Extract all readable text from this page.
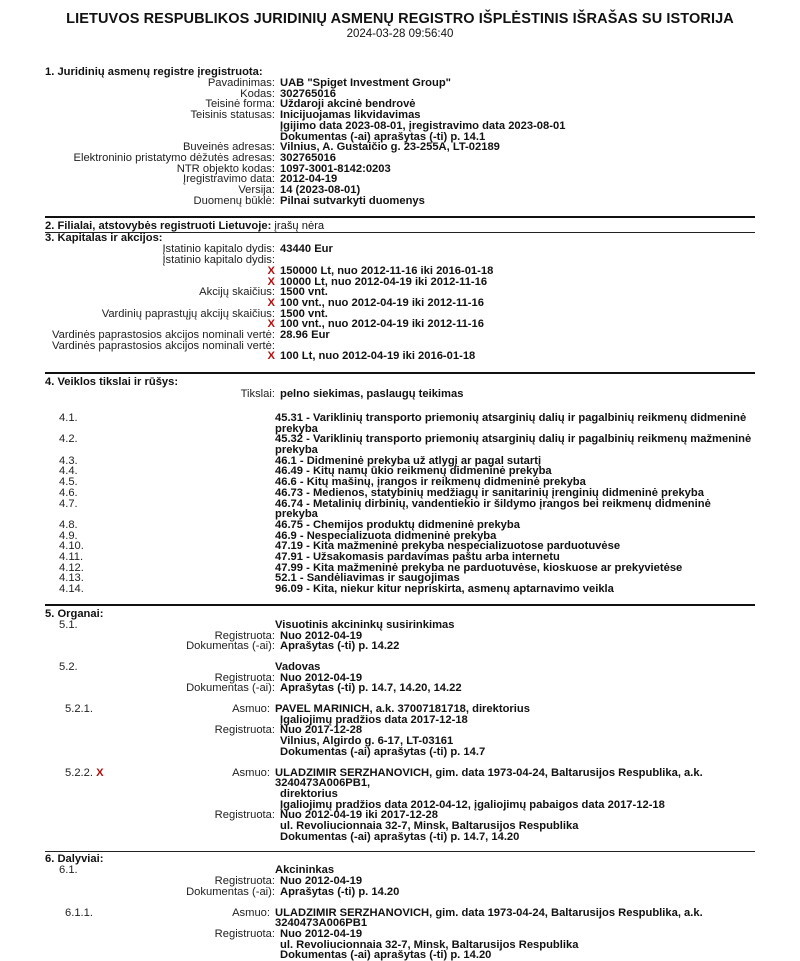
LIETUVOS RESPUBLIKOS JURIDINIŲ ASMENŲ REGISTRO IŠPLĖSTINIS IŠRAŠAS SU ISTORIJA
2024-03-28 09:56:40
1. Juridinių asmenų registre įregistruota:
Pavadinimas: UAB "Spiget Investment Group"
Kodas: 302765016
Teisinė forma: Uždaroji akcinė bendrovė
Teisinis statusas: Inicijuojamas likvidavimas
Įgijimo data 2023-08-01, įregistravimo data 2023-08-01
Dokumentas (-ai) aprašytas (-ti) p. 14.1
Buveinės adresas: Vilnius, A. Gustaičio g. 23-255A, LT-02189
Elektroninio pristatymo dėžutės adresas: 302765016
NTR objekto kodas: 1097-3001-8142:0203
Įregistravimo data: 2012-04-19
Versija: 14 (2023-08-01)
Duomenų būklė: Pilnai sutvarkyti duomenys
2. Filialai, atstovybės registruoti Lietuvoje: įrašų nėra
3. Kapitalas ir akcijos:
Įstatinio kapitalo dydis: 43440 Eur
Įstatinio kapitalo dydis:
X 150000 Lt, nuo 2012-11-16 iki 2016-01-18
X 10000 Lt, nuo 2012-04-19 iki 2012-11-16
Akcijų skaičius: 1500 vnt.
X 100 vnt., nuo 2012-04-19 iki 2012-11-16
Vardinių paprastųjų akcijų skaičius: 1500 vnt.
X 100 vnt., nuo 2012-04-19 iki 2012-11-16
Vardinės paprastosios akcijos nominali vertė: 28.96 Eur
Vardinės paprastosios akcijos nominali vertė:
X 100 Lt, nuo 2012-04-19 iki 2016-01-18
4. Veiklos tikslai ir rūšys:
Tikslai: pelno siekimas, paslaugų teikimas
4.1.	45.31 - Variklinių transporto priemonių atsarginių dalių ir pagalbinių reikmenų didmeninė prekyba
4.2.	45.32 - Variklinių transporto priemonių atsarginių dalių ir pagalbinių reikmenų mažmeninė prekyba
4.3.	46.1 - Didmeninė prekyba už atlygį ar pagal sutartį
4.4.	46.49 - Kitų namų ūkio reikmenų didmeninė prekyba
4.5.	46.6 - Kitų mašinų, įrangos ir reikmenų didmeninė prekyba
4.6.	46.73 - Medienos, statybinių medžiagų ir sanitarinių įrenginių didmeninė prekyba
4.7.	46.74 - Metalinių dirbinių, vandentiekio ir šildymo įrangos bei reikmenų didmeninė prekyba
4.8.	46.75 - Chemijos produktų didmeninė prekyba
4.9.	46.9 - Nespecializuota didmeninė prekyba
4.10.	47.19 - Kita mažmeninė prekyba nespecializuotose parduotuvėse
4.11.	47.91 - Užsakomasis pardavimas paštu arba internetu
4.12.	47.99 - Kita mažmeninė prekyba ne parduotuvėse, kioskuose ar prekyvietėse
4.13.	52.1 - Sandėliavimas ir saugojimas
4.14.	96.09 - Kita, niekur kitur nepriskirta, asmenų aptarnavimo veikla
5. Organai:
5.1.	Visuotinis akcininkų susirinkimas
Registruota: Nuo 2012-04-19
Dokumentas (-ai): Aprašytas (-ti) p. 14.22
5.2.	Vadovas
Registruota: Nuo 2012-04-19
Dokumentas (-ai): Aprašytas (-ti) p. 14.7, 14.20, 14.22
5.2.1.	Asmuo: PAVEL MARINICH, a.k. 37007181718, direktorius
Įgaliojimų pradžios data 2017-12-18
Registruota: Nuo 2017-12-28
Vilnius, Algirdo g. 6-17, LT-03161
Dokumentas (-ai) aprašytas (-ti) p. 14.7
5.2.2. X	Asmuo: ULADZIMIR SERZHANOVICH, gim. data 1973-04-24, Baltarusijos Respublika, a.k. 3240473A006PB1,
direktorius
Įgaliojimų pradžios data 2012-04-12, įgaliojimų pabaigos data 2017-12-18
Registruota: Nuo 2012-04-19 iki 2017-12-28
ul. Revoliucionnaia 32-7, Minsk, Baltarusijos Respublika
Dokumentas (-ai) aprašytas (-ti) p. 14.7, 14.20
6. Dalyviai:
6.1.	Akcininkas
Registruota: Nuo 2012-04-19
Dokumentas (-ai): Aprašytas (-ti) p. 14.20
6.1.1.	Asmuo: ULADZIMIR SERZHANOVICH, gim. data 1973-04-24, Baltarusijos Respublika, a.k. 3240473A006PB1
Registruota: Nuo 2012-04-19
ul. Revoliucionnaia 32-7, Minsk, Baltarusijos Respublika
Dokumentas (-ai) aprašytas (-ti) p. 14.20
